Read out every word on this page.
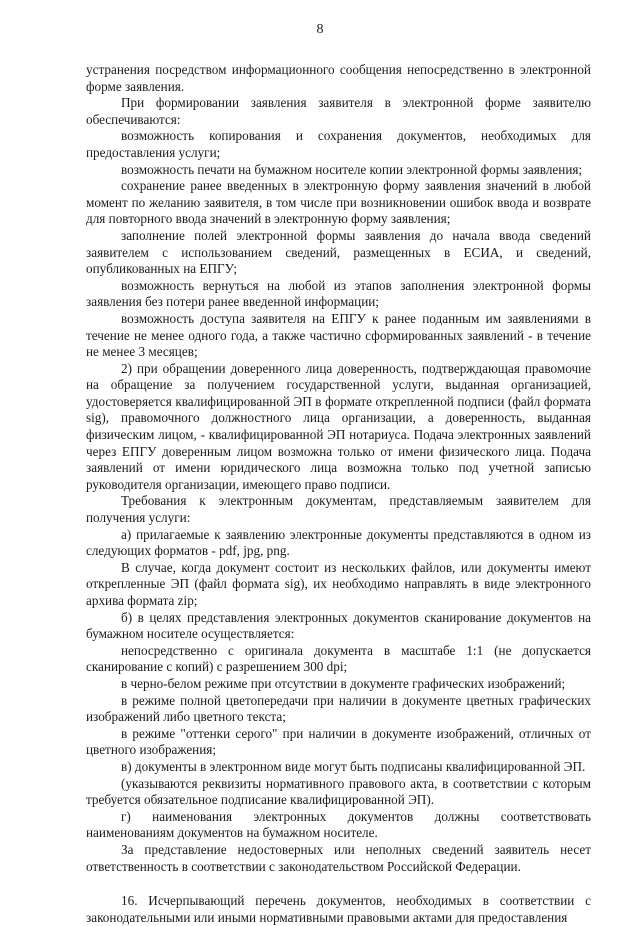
8

устранения посредством информационного сообщения непосредственно в электронной форме заявления.

При формировании заявления заявителя в электронной форме заявителю обеспечиваются:

возможность копирования и сохранения документов, необходимых для предоставления услуги;

возможность печати на бумажном носителе копии электронной формы заявления;

сохранение ранее введенных в электронную форму заявления значений в любой момент по желанию заявителя, в том числе при возникновении ошибок ввода и возврате для повторного ввода значений в электронную форму заявления;

заполнение полей электронной формы заявления до начала ввода сведений заявителем с использованием сведений, размещенных в ЕСИА, и сведений, опубликованных на ЕПГУ;

возможность вернуться на любой из этапов заполнения электронной формы заявления без потери ранее введенной информации;

возможность доступа заявителя на ЕПГУ к ранее поданным им заявлениями в течение не менее одного года, а также частично сформированных заявлений - в течение не менее 3 месяцев;

2) при обращении доверенного лица доверенность, подтверждающая правомочие на обращение за получением государственной услуги, выданная организацией, удостоверяется квалифицированной ЭП в формате открепленной подписи (файл формата sig), правомочного должностного лица организации, а доверенность, выданная физическим лицом, - квалифицированной ЭП нотариуса. Подача электронных заявлений через ЕПГУ доверенным лицом возможна только от имени физического лица. Подача заявлений от имени юридического лица возможна только под учетной записью руководителя организации, имеющего право подписи.

Требования к электронным документам, представляемым заявителем для получения услуги:

а) прилагаемые к заявлению электронные документы представляются в одном из следующих форматов - pdf, jpg, png.

В случае, когда документ состоит из нескольких файлов, или документы имеют открепленные ЭП (файл формата sig), их необходимо направлять в виде электронного архива формата zip;

б) в целях представления электронных документов сканирование документов на бумажном носителе осуществляется:

непосредственно с оригинала документа в масштабе 1:1 (не допускается сканирование с копий) с разрешением 300 dpi;

в черно-белом режиме при отсутствии в документе графических изображений;

в режиме полной цветопередачи при наличии в документе цветных графических изображений либо цветного текста;

в режиме "оттенки серого" при наличии в документе изображений, отличных от цветного изображения;

в) документы в электронном виде могут быть подписаны квалифицированной ЭП.

(указываются реквизиты нормативного правового акта, в соответствии с которым требуется обязательное подписание квалифицированной ЭП).

г) наименования электронных документов должны соответствовать наименованиям документов на бумажном носителе.

За представление недостоверных или неполных сведений заявитель несет ответственность в соответствии с законодательством Российской Федерации.

16. Исчерпывающий перечень документов, необходимых в соответствии с законодательными или иными нормативными правовыми актами для предоставления
